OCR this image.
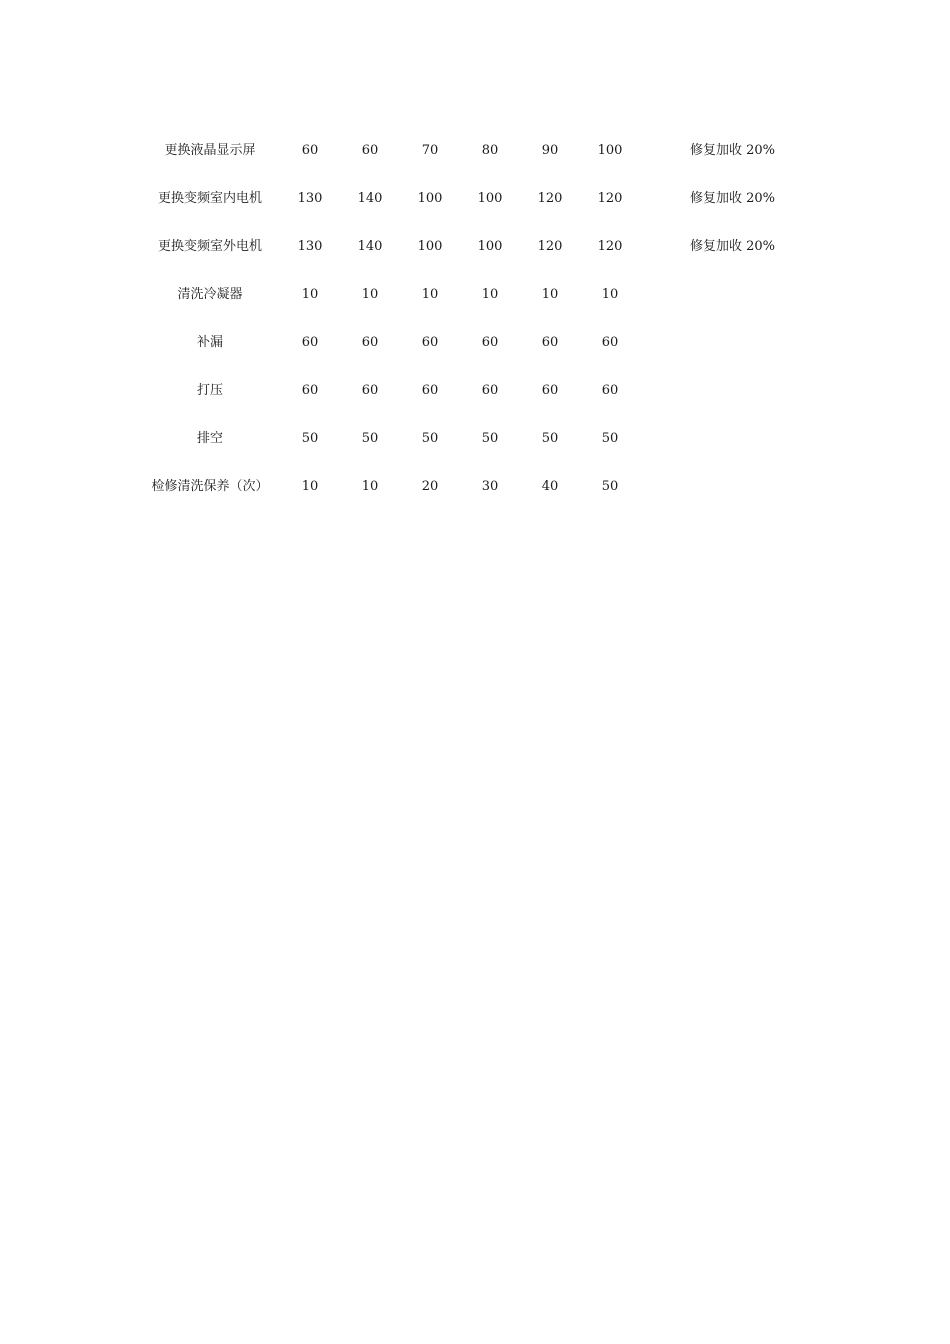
更换液晶显示屏	60	60	70	80	90	100		修复加收 20%
更换变频室内电机	130	140	100	100	120	120		修复加收 20%
更换变频室外电机	130	140	100	100	120	120		修复加收 20%
清洗冷凝器	10	10	10	10	10	10		
补漏	60	60	60	60	60	60		
打压	60	60	60	60	60	60		
排空	50	50	50	50	50	50		
检修清洗保养（次）	10	10	20	30	40	50		
